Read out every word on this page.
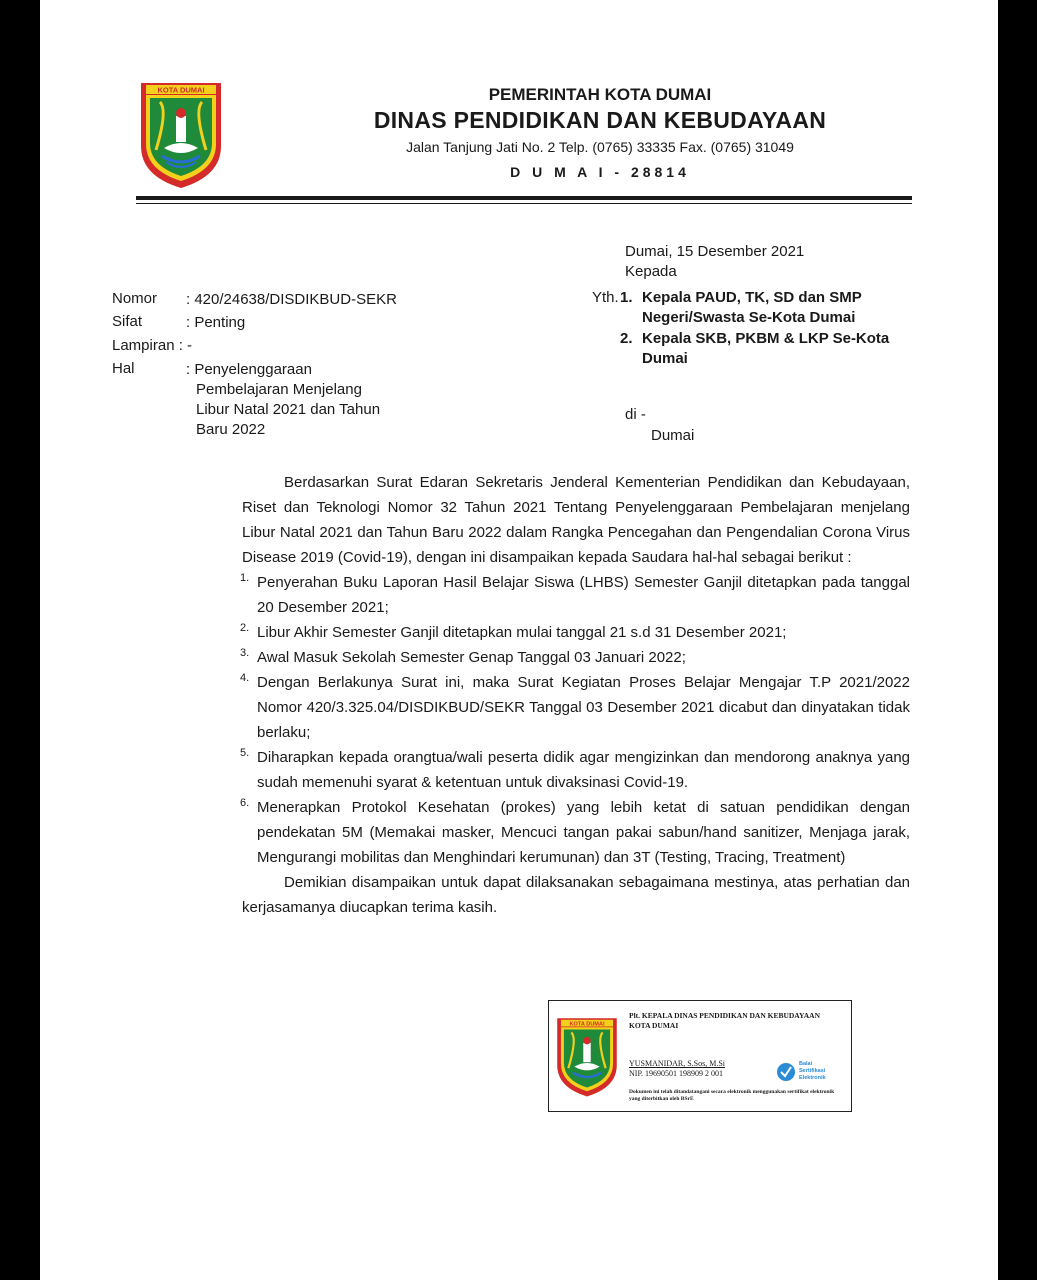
KOTA DUMAI	PEMERINTAH KOTA DUMAI
DINAS PENDIDIKAN DAN KEBUDAYAAN
Jalan Tanjung Jati No. 2 Telp. (0765) 33335 Fax. (0765) 31049
D U M A I - 28814
Dumai, 15 Desember 2021
Kepada
Yth. 1. Kepala PAUD, TK, SD dan SMP
Negeri/Swasta Se-Kota Dumai
2. Kepala SKB, PKBM & LKP Se-Kota
Dumai
di -
Dumai
Nomor : 420/24638/DISDIKBUD-SEKR
Sifat	: Penting
Lampiran : -
Hal	: Penyelenggaraan
Pembelajaran Menjelang
Libur Natal 2021 dan Tahun
Baru 2022

Berdasarkan Surat Edaran Sekretaris Jenderal Kementerian Pendidikan dan Kebudayaan, Riset dan Teknologi Nomor 32 Tahun 2021 Tentang Penyelenggaraan Pembelajaran menjelang Libur Natal 2021 dan Tahun Baru 2022 dalam Rangka Pencegahan dan Pengendalian Corona Virus Disease 2019 (Covid-19), dengan ini disampaikan kepada Saudara hal-hal sebagai berikut :

1. Penyerahan Buku Laporan Hasil Belajar Siswa (LHBS) Semester Ganjil ditetapkan pada tanggal 20 Desember 2021;

2. Libur Akhir Semester Ganjil ditetapkan mulai tanggal 21 s.d 31 Desember 2021;

3. Awal Masuk Sekolah Semester Genap Tanggal 03 Januari 2022;

4. Dengan Berlakunya Surat ini, maka Surat Kegiatan Proses Belajar Mengajar T.P 2021/2022 Nomor 420/3.325.04/DISDIKBUD/SEKR Tanggal 03 Desember 2021 dicabut dan dinyatakan tidak berlaku;

5. Diharapkan kepada orangtua/wali peserta didik agar mengizinkan dan mendorong anaknya yang sudah memenuhi syarat & ketentuan untuk divaksinasi Covid-19.

6. Menerapkan Protokol Kesehatan (prokes) yang lebih ketat di satuan pendidikan dengan pendekatan 5M (Memakai masker, Mencuci tangan pakai sabun/hand sanitizer, Menjaga jarak, Mengurangi mobilitas dan Menghindari kerumunan) dan 3T (Testing, Tracing, Treatment)

Demikian disampaikan untuk dapat dilaksanakan sebagaimana mestinya, atas perhatian dan kerjasamanya diucapkan terima kasih.

KOTA DUMAI
Plt. KEPALA DINAS PENDIDIKAN DAN KEBUDAYAAN
KOTA DUMAI
YUSMANIDAR, S.Sos, M.Si
NIP. 19690501 198909 2 001
Balai
Sertifikasi
Elektronik
Dokumen ini telah ditandatangani secara elektronik menggunakan sertifikat elektronik yang diterbitkan oleh BSrE
